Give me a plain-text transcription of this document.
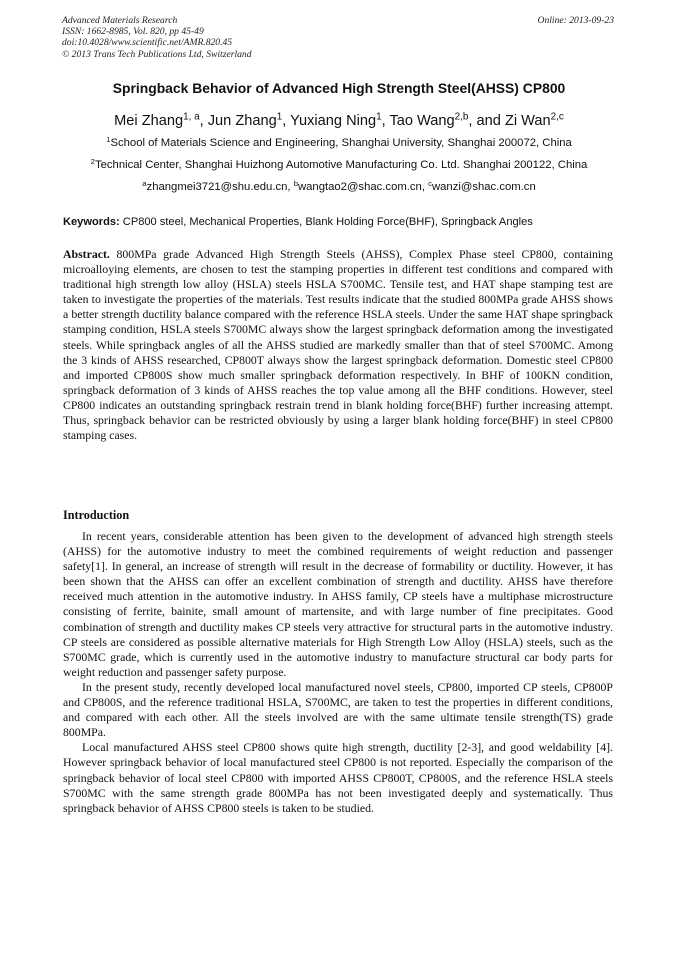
Advanced Materials Research
ISSN: 1662-8985, Vol. 820, pp 45-49
doi:10.4028/www.scientific.net/AMR.820.45
© 2013 Trans Tech Publications Ltd, Switzerland
Online: 2013-09-23
Springback Behavior of Advanced High Strength Steel(AHSS) CP800
Mei Zhang$^{1, a}$, Jun Zhang$^1$, Yuxiang Ning$^1$, Tao Wang$^{2,b}$, and Zi Wan$^{2,c}$
$^1$School of Materials Science and Engineering, Shanghai University, Shanghai 200072, China
$^2$Technical Center, Shanghai Huizhong Automotive Manufacturing Co. Ltd. Shanghai 200122, China
$^a$zhangmei3721@shu.edu.cn, $^b$wangtao2@shac.com.cn, $^c$wanzi@shac.com.cn
Keywords: CP800 steel, Mechanical Properties, Blank Holding Force(BHF), Springback Angles
Abstract. 800MPa grade Advanced High Strength Steels (AHSS), Complex Phase steel CP800, containing microalloying elements, are chosen to test the stamping properties in different test conditions and compared with traditional high strength low alloy (HSLA) steels HSLA S700MC. Tensile test, and HAT shape stamping test are taken to investigate the properties of the materials. Test results indicate that the studied 800MPa grade AHSS shows a better strength ductility balance compared with the reference HSLA steels. Under the same HAT shape springback stamping condition, HSLA steels S700MC always show the largest springback deformation among the investigated steels. While springback angles of all the AHSS studied are markedly smaller than that of steel S700MC. Among the 3 kinds of AHSS researched, CP800T always show the largest springback deformation. Domestic steel CP800 and imported CP800S show much smaller springback deformation respectively. In BHF of 100KN condition, springback deformation of 3 kinds of AHSS reaches the top value among all the BHF conditions. However, steel CP800 indicates an outstanding springback restrain trend in blank holding force(BHF) further increasing attempt. Thus, springback behavior can be restricted obviously by using a larger blank holding force(BHF) in steel CP800 stamping cases.
Introduction

In recent years, considerable attention has been given to the development of advanced high strength steels (AHSS) for the automotive industry to meet the combined requirements of weight reduction and passenger safety[1]. In general, an increase of strength will result in the decrease of formability or ductility. However, it has been shown that the AHSS can offer an excellent combination of strength and ductility. AHSS have therefore received much attention in the automotive industry. In AHSS family, CP steels have a multiphase microstructure consisting of ferrite, bainite, small amount of martensite, and with large number of fine precipitates. Good combination of strength and ductility makes CP steels very attractive for structural parts in the automotive industry. CP steels are considered as possible alternative materials for High Strength Low Alloy (HSLA) steels, such as the S700MC grade, which is currently used in the automotive industry to manufacture structural car body parts for weight reduction and passenger safety purpose.

In the present study, recently developed local manufactured novel steels, CP800, imported CP steels, CP800P and CP800S, and the reference traditional HSLA, S700MC, are taken to test the properties in different conditions, and compared with each other. All the steels involved are with the same ultimate tensile strength(TS) grade 800MPa.

Local manufactured AHSS steel CP800 shows quite high strength, ductility [2-3], and good weldability [4]. However springback behavior of local manufactured steel CP800 is not reported. Especially the comparison of the springback behavior of local steel CP800 with imported AHSS CP800T, CP800S, and the reference HSLA steels S700MC with the same strength grade 800MPa has not been investigated deeply and systematically. Thus springback behavior of AHSS CP800 steels is taken to be studied.
